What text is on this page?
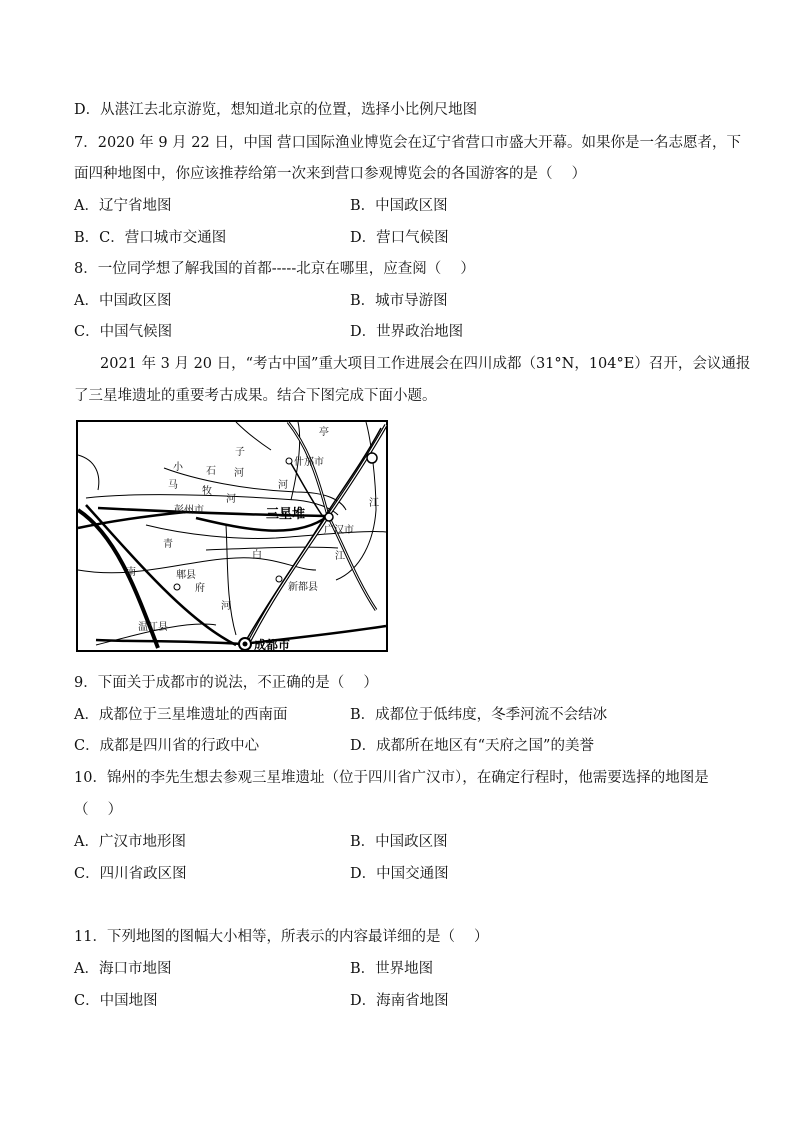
D．从湛江去北京游览，想知道北京的位置，选择小比例尺地图
7．2020 年 9 月 22 日，中国 营口国际渔业博览会在辽宁省营口市盛大开幕。如果你是一名志愿者，下
面四种地图中，你应该推荐给第一次来到营口参观博览会的各国游客的是（　 ）
A．辽宁省地图	B．中国政区图
B．C．营口城市交通图	D．营口气候图
8．一位同学想了解我国的首都-----北京在哪里，应查阅（　 ）
A．中国政区图	B．城市导游图
C．中国气候图	D．世界政治地图
2021 年 3 月 20 日，“考古中国”重大项目工作进展会在四川成都（31°N，104°E）召开，会议通报
了三星堆遗址的重要考古成果。结合下图完成下面小题。
亭
子
小 石 河
什邡市
马
牧
河
河
彭州市	三星堆
江
广汉市
青
白	江
南	郫县
府	新都县
河
温江县
成都市
9．下面关于成都市的说法，不正确的是（　 ）
A．成都位于三星堆遗址的西南面	B．成都位于低纬度，冬季河流不会结冰
C．成都是四川省的行政中心	D．成都所在地区有“天府之国”的美誉
10．锦州的李先生想去参观三星堆遗址（位于四川省广汉市），在确定行程时，他需要选择的地图是
（　 ）
A．广汉市地形图	B．中国政区图
C．四川省政区图	D．中国交通图
11．下列地图的图幅大小相等，所表示的内容最详细的是（　 ）
A．海口市地图	B．世界地图
C．中国地图	D．海南省地图
